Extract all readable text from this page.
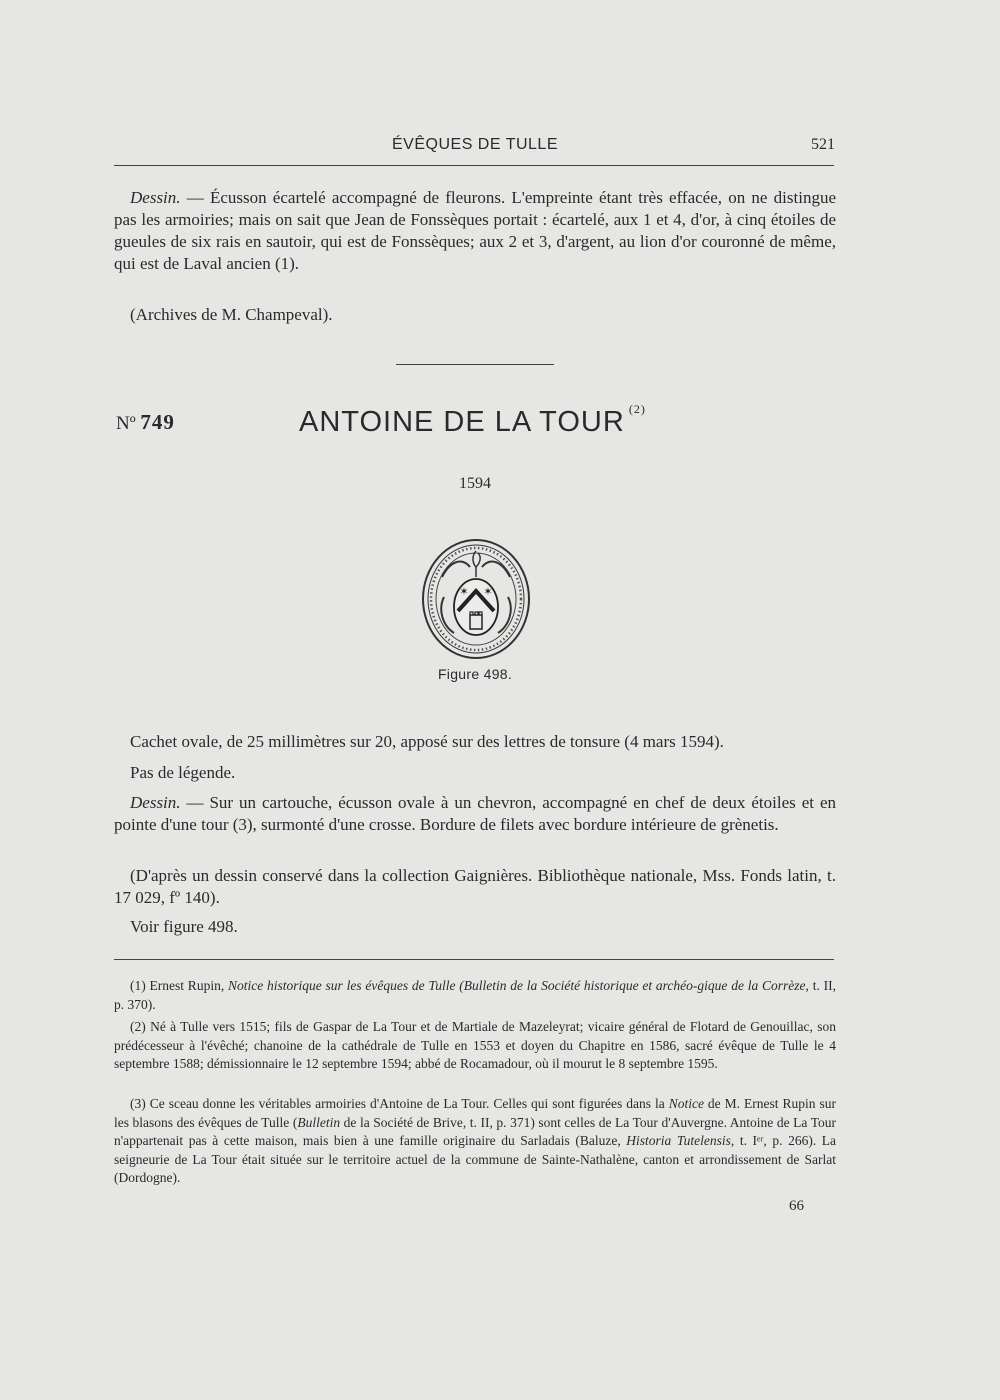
ÉVÊQUES DE TULLE	521
Dessin. — Écusson écartelé accompagné de fleurons. L'empreinte étant très effacée, on ne distingue pas les armoiries; mais on sait que Jean de Fonssèques portait : écartelé, aux 1 et 4, d'or, à cinq étoiles de gueules de six rais en sautoir, qui est de Fonssèques; aux 2 et 3, d'argent, au lion d'or couronné de même, qui est de Laval ancien (1).
(Archives de M. Champeval).
Nº 749	ANTOINE DE LA TOUR $^{(2)}$
1594
✶ ✶
Figure 498.
Cachet ovale, de 25 millimètres sur 20, apposé sur des lettres de tonsure (4 mars 1594).
Pas de légende.
Dessin. — Sur un cartouche, écusson ovale à un chevron, accompagné en chef de deux étoiles et en pointe d'une tour (3), surmonté d'une crosse. Bordure de filets avec bordure intérieure de grènetis.
(D'après un dessin conservé dans la collection Gaignières. Bibliothèque nationale, Mss. Fonds latin, t. 17 029, fº 140).
Voir figure 498.
(1) Ernest Rupin, Notice historique sur les évêques de Tulle (Bulletin de la Société historique et archéo-gique de la Corrèze, t. II, p. 370).
(2) Né à Tulle vers 1515; fils de Gaspar de La Tour et de Martiale de Mazeleyrat; vicaire général de Flotard de Genouillac, son prédécesseur à l'évêché; chanoine de la cathédrale de Tulle en 1553 et doyen du Chapitre en 1586, sacré évêque de Tulle le 4 septembre 1588; démissionnaire le 12 septembre 1594; abbé de Rocamadour, où il mourut le 8 septembre 1595.
(3) Ce sceau donne les véritables armoiries d'Antoine de La Tour. Celles qui sont figurées dans la Notice de M. Ernest Rupin sur les blasons des évêques de Tulle (Bulletin de la Société de Brive, t. II, p. 371) sont celles de La Tour d'Auvergne. Antoine de La Tour n'appartenait pas à cette maison, mais bien à une famille originaire du Sarladais (Baluze, Historia Tutelensis, t. Iᵉʳ, p. 266). La seigneurie de La Tour était située sur le territoire actuel de la commune de Sainte-Nathalène, canton et arrondissement de Sarlat (Dordogne).
66
